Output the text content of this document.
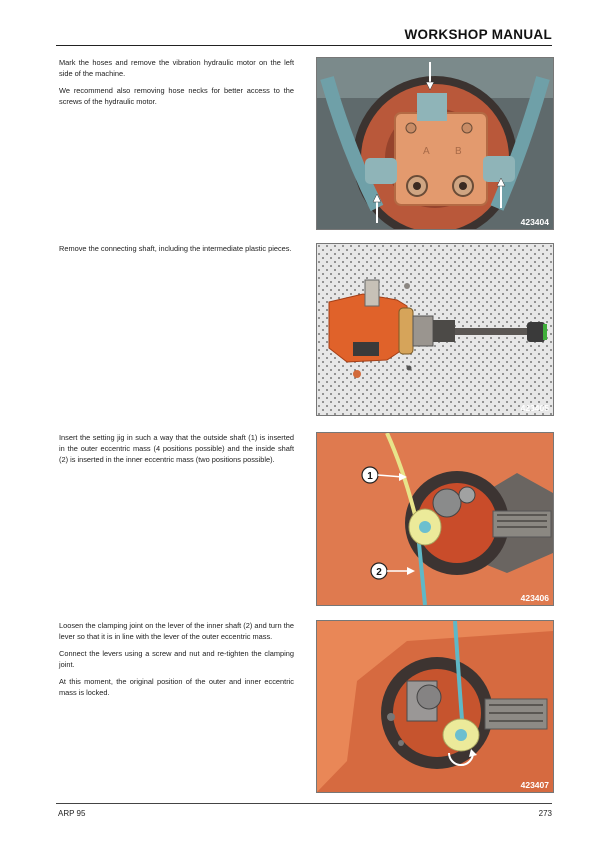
WORKSHOP MANUAL

Mark the hoses and remove the vibration hydraulic motor on the left side of the machine.

We recommend also removing hose necks for better access to the screws of the hydraulic motor.

A	B
423404

Remove the connecting shaft, including the intermediate plastic pieces.

423405

Insert the setting jig in such a way that the outside shaft (1) is inserted in the outer eccentric mass (4 positions possible) and the inside shaft (2) is inserted in the inner eccentric mass (two positions possible).

1
2
423406

Loosen the clamping joint on the lever of the inner shaft (2) and turn the lever so that it is in line with the lever of the outer eccentric mass.

Connect the levers using a screw and nut and re-tighten the clamping joint.

At this moment, the original position of the outer and inner eccentric mass is locked.

423407
ARP 95	273
